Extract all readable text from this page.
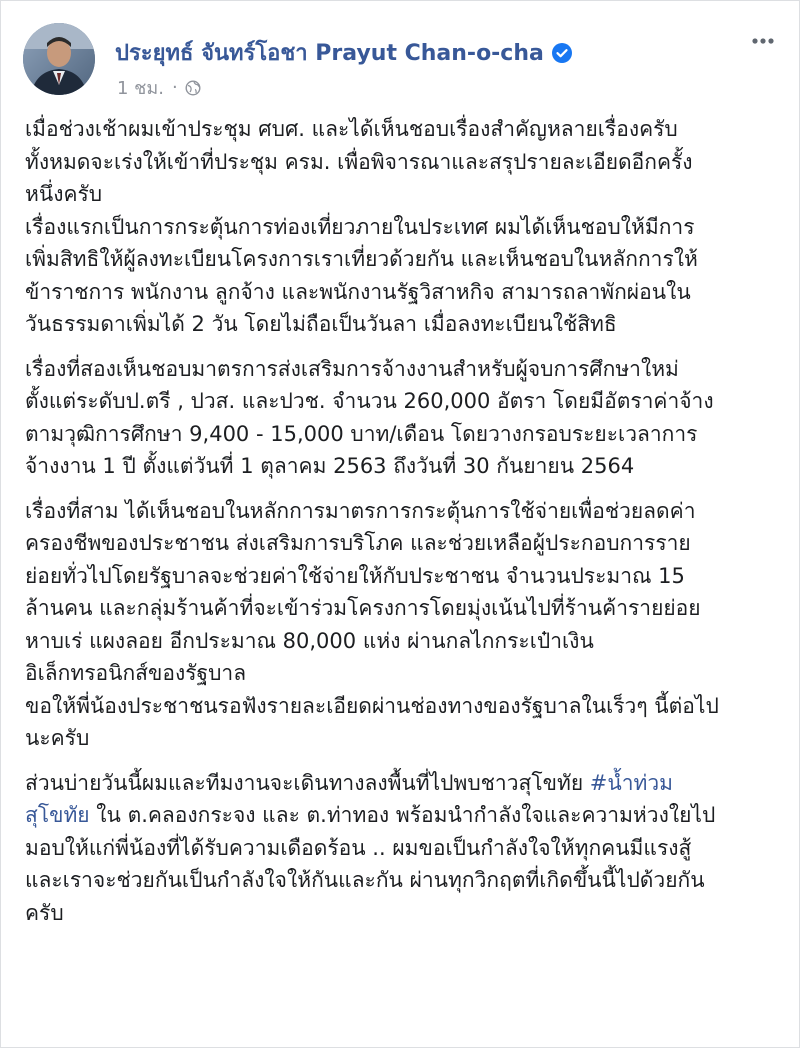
ประยุทธ์ จันทร์โอชา Prayut Chan-o-cha
1 ชม. ·
เมื่อช่วงเช้าผมเข้าประชุม ศบศ. และได้เห็นชอบเรื่องสำคัญหลายเรื่องครับ
ทั้งหมดจะเร่งให้เข้าที่ประชุม ครม. เพื่อพิจารณาและสรุปรายละเอียดอีกครั้ง
หนึ่งครับ
เรื่องแรกเป็นการกระตุ้นการท่องเที่ยวภายในประเทศ ผมได้เห็นชอบให้มีการ
เพิ่มสิทธิให้ผู้ลงทะเบียนโครงการเราเที่ยวด้วยกัน และเห็นชอบในหลักการให้
ข้าราชการ พนักงาน ลูกจ้าง และพนักงานรัฐวิสาหกิจ สามารถลาพักผ่อนใน
วันธรรมดาเพิ่มได้ 2 วัน โดยไม่ถือเป็นวันลา เมื่อลงทะเบียนใช้สิทธิ
เรื่องที่สองเห็นชอบมาตรการส่งเสริมการจ้างงานสำหรับผู้จบการศึกษาใหม่
ตั้งแต่ระดับป.ตรี , ปวส. และปวช. จำนวน 260,000 อัตรา โดยมีอัตราค่าจ้าง
ตามวุฒิการศึกษา 9,400 - 15,000 บาท/เดือน โดยวางกรอบระยะเวลาการ
จ้างงาน 1 ปี ตั้งแต่วันที่ 1 ตุลาคม 2563 ถึงวันที่ 30 กันยายน 2564
เรื่องที่สาม ได้เห็นชอบในหลักการมาตรการกระตุ้นการใช้จ่ายเพื่อช่วยลดค่า
ครองชีพของประชาชน ส่งเสริมการบริโภค และช่วยเหลือผู้ประกอบการราย
ย่อยทั่วไปโดยรัฐบาลจะช่วยค่าใช้จ่ายให้กับประชาชน จำนวนประมาณ 15
ล้านคน และกลุ่มร้านค้าที่จะเข้าร่วมโครงการโดยมุ่งเน้นไปที่ร้านค้ารายย่อย
หาบเร่ แผงลอย อีกประมาณ 80,000 แห่ง ผ่านกลไกกระเป๋าเงิน
อิเล็กทรอนิกส์ของรัฐบาล
ขอให้พี่น้องประชาชนรอฟังรายละเอียดผ่านช่องทางของรัฐบาลในเร็วๆ นี้ต่อไป
นะครับ
ส่วนบ่ายวันนี้ผมและทีมงานจะเดินทางลงพื้นที่ไปพบชาวสุโขทัย #น้ำท่วม
สุโขทัย ใน ต.คลองกระจง และ ต.ท่าทอง พร้อมนำกำลังใจและความห่วงใยไป
มอบให้แก่พี่น้องที่ได้รับความเดือดร้อน .. ผมขอเป็นกำลังใจให้ทุกคนมีแรงสู้
และเราจะช่วยกันเป็นกำลังใจให้กันและกัน ผ่านทุกวิกฤตที่เกิดขึ้นนี้ไปด้วยกัน
ครับ
